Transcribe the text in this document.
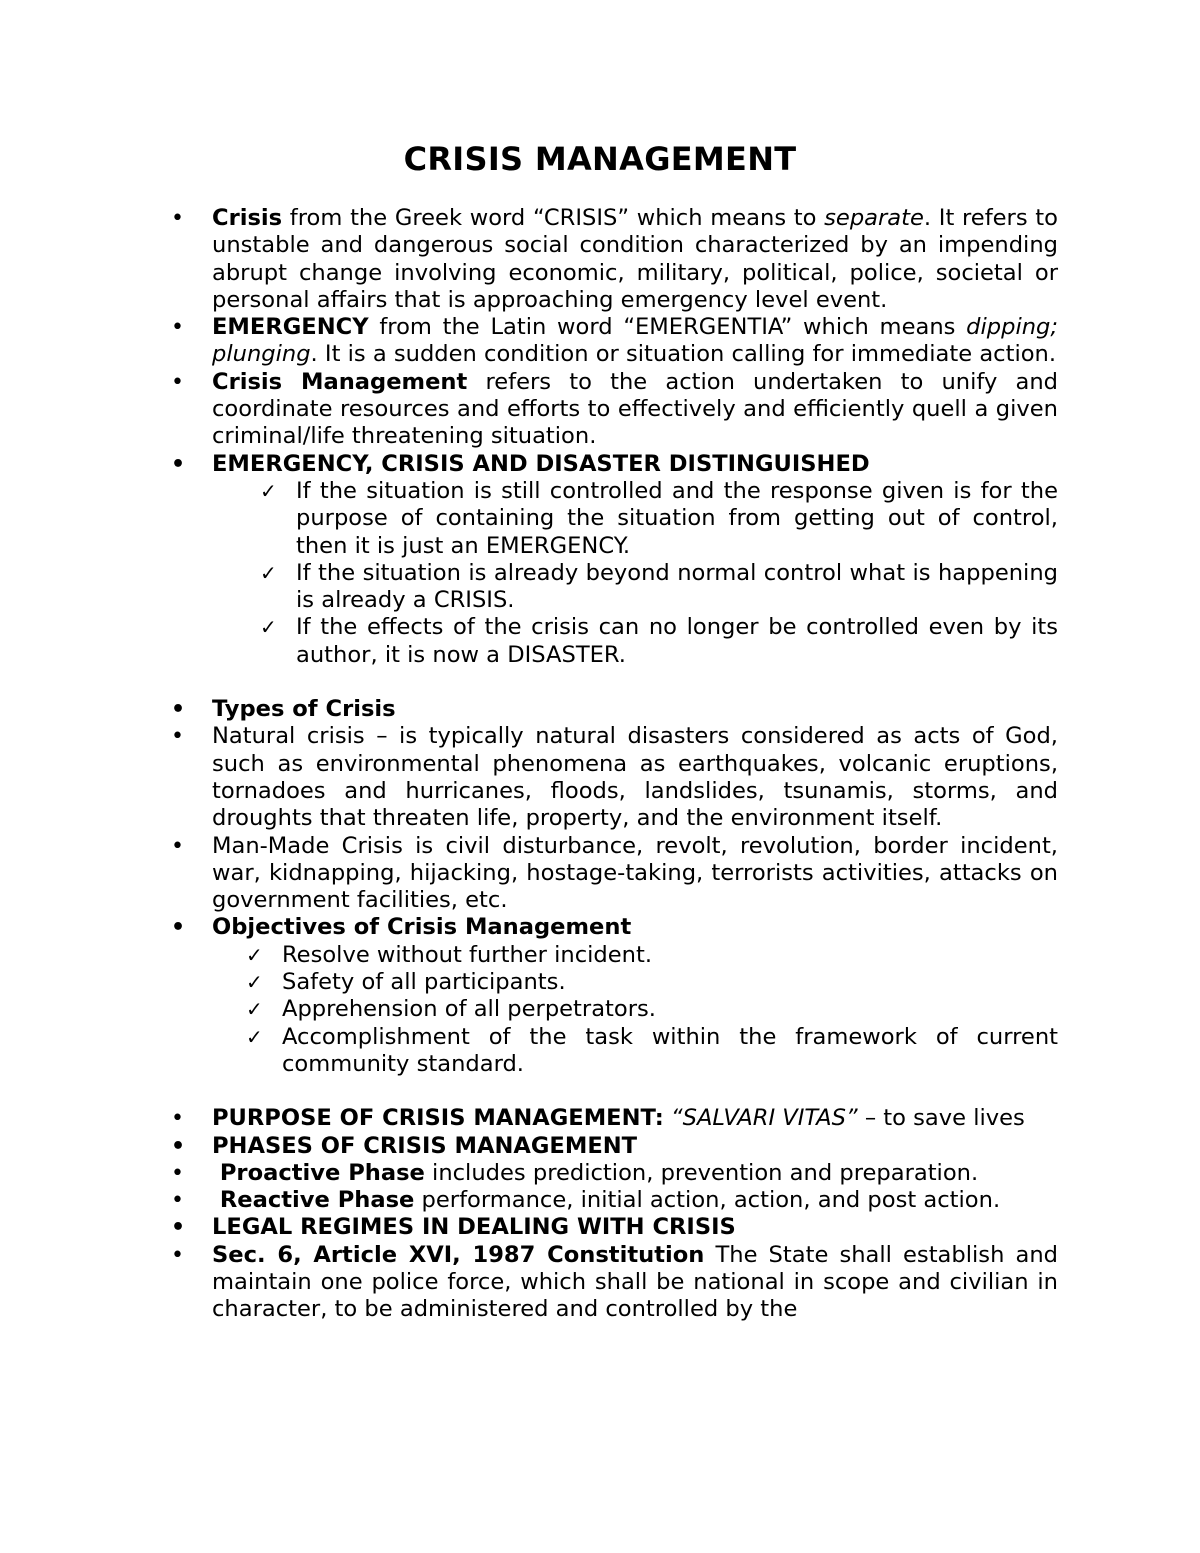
CRISIS MANAGEMENT
• Crisis from the Greek word “CRISIS” which means to separate. It refers to unstable and dangerous social condition characterized by an impending abrupt change involving economic, military, political, police, societal or personal affairs that is approaching emergency level event.
• EMERGENCY from the Latin word “EMERGENTIA” which means dipping; plunging. It is a sudden condition or situation calling for immediate action.
• Crisis Management refers to the action undertaken to unify and coordinate resources and efforts to effectively and efficiently quell a given criminal/life threatening situation.
• EMERGENCY, CRISIS AND DISASTER DISTINGUISHED
✓ If the situation is still controlled and the response given is for the purpose of containing the situation from getting out of control, then it is just an EMERGENCY.
✓ If the situation is already beyond normal control what is happening is already a CRISIS.
✓ If the effects of the crisis can no longer be controlled even by its author, it is now a DISASTER.
• Types of Crisis
• Natural crisis – is typically natural disasters considered as acts of God, such as environmental phenomena as earthquakes, volcanic eruptions, tornadoes and hurricanes, floods, landslides, tsunamis, storms, and droughts that threaten life, property, and the environment itself.
• Man-Made Crisis is civil disturbance, revolt, revolution, border incident, war, kidnapping, hijacking, hostage-taking, terrorists activities, attacks on government facilities, etc.
• Objectives of Crisis Management
✓ Resolve without further incident.
✓ Safety of all participants.
✓ Apprehension of all perpetrators.
✓ Accomplishment of the task within the framework of current community standard.
• PURPOSE OF CRISIS MANAGEMENT: “SALVARI VITAS” – to save lives
• PHASES OF CRISIS MANAGEMENT
•  Proactive Phase includes prediction, prevention and preparation.
•  Reactive Phase performance, initial action, action, and post action.
• LEGAL REGIMES IN DEALING WITH CRISIS
• Sec. 6, Article XVI, 1987 Constitution The State shall establish and maintain one police force, which shall be national in scope and civilian in character, to be administered and controlled by the
